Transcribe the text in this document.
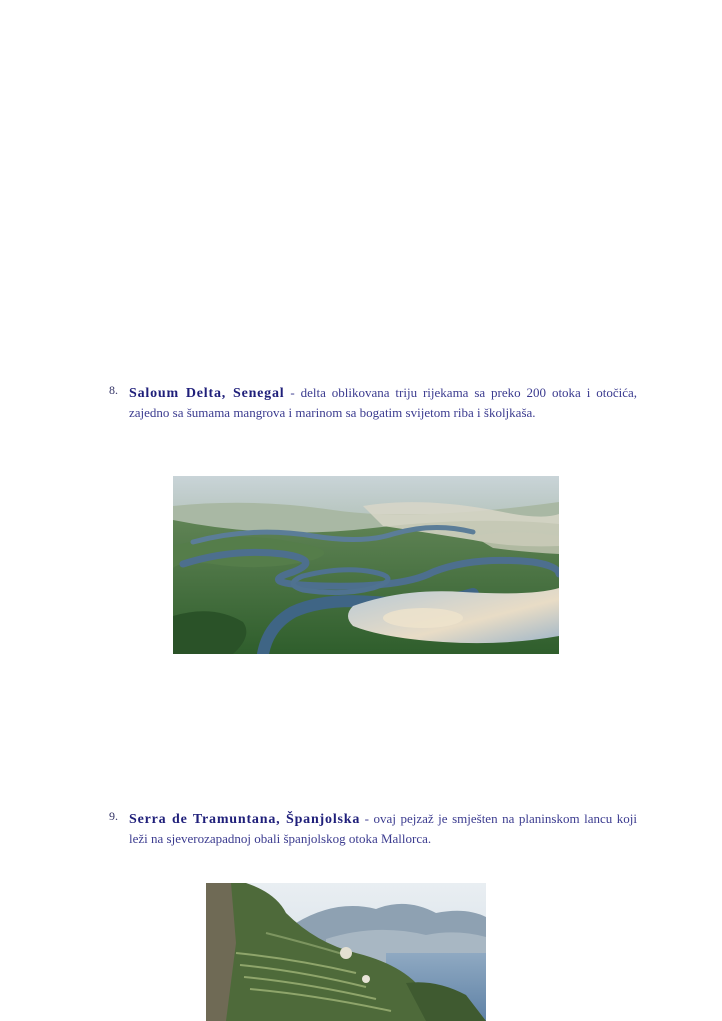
8. Saloum Delta, Senegal - delta oblikovana triju rijekama sa preko 200 otoka i otočića, zajedno sa šumama mangrova i marinom sa bogatim svijetom riba i školjkaša.
9. Serra de Tramuntana, Španjolska - ovaj pejzaž je smješten na planinskom lancu koji leži na sjeverozapadnoj obali španjolskog otoka Mallorca.
